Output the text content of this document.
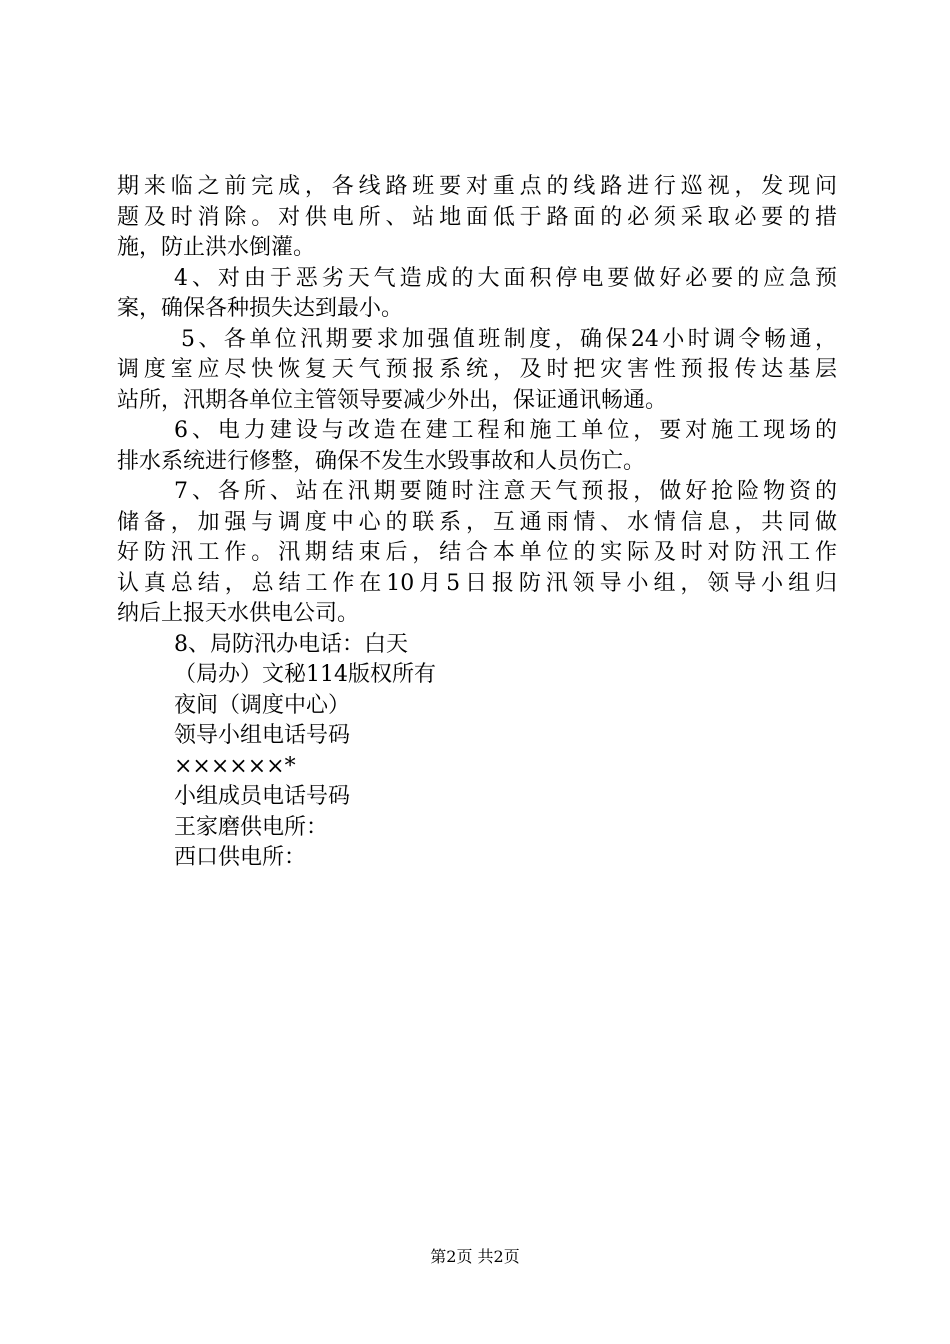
期来临之前完成，各线路班要对重点的线路进行巡视，发现问
题及时消除。对供电所、站地面低于路面的必须采取必要的措
施，防止洪水倒灌。
4、对由于恶劣天气造成的大面积停电要做好必要的应急预
案，确保各种损失达到最小。
5、各单位汛期要求加强值班制度，确保24小时调令畅通，
调度室应尽快恢复天气预报系统，及时把灾害性预报传达基层
站所，汛期各单位主管领导要减少外出，保证通讯畅通。
6、电力建设与改造在建工程和施工单位，要对施工现场的
排水系统进行修整，确保不发生水毁事故和人员伤亡。
7、各所、站在汛期要随时注意天气预报，做好抢险物资的
储备，加强与调度中心的联系，互通雨情、水情信息，共同做
好防汛工作。汛期结束后，结合本单位的实际及时对防汛工作
认真总结，总结工作在10月5日报防汛领导小组，领导小组归
纳后上报天水供电公司。
8、局防汛办电话：白天
（局办）文秘114版权所有
夜间（调度中心）
领导小组电话号码
××××××*
小组成员电话号码
王家磨供电所：
西口供电所：
第2页 共2页
